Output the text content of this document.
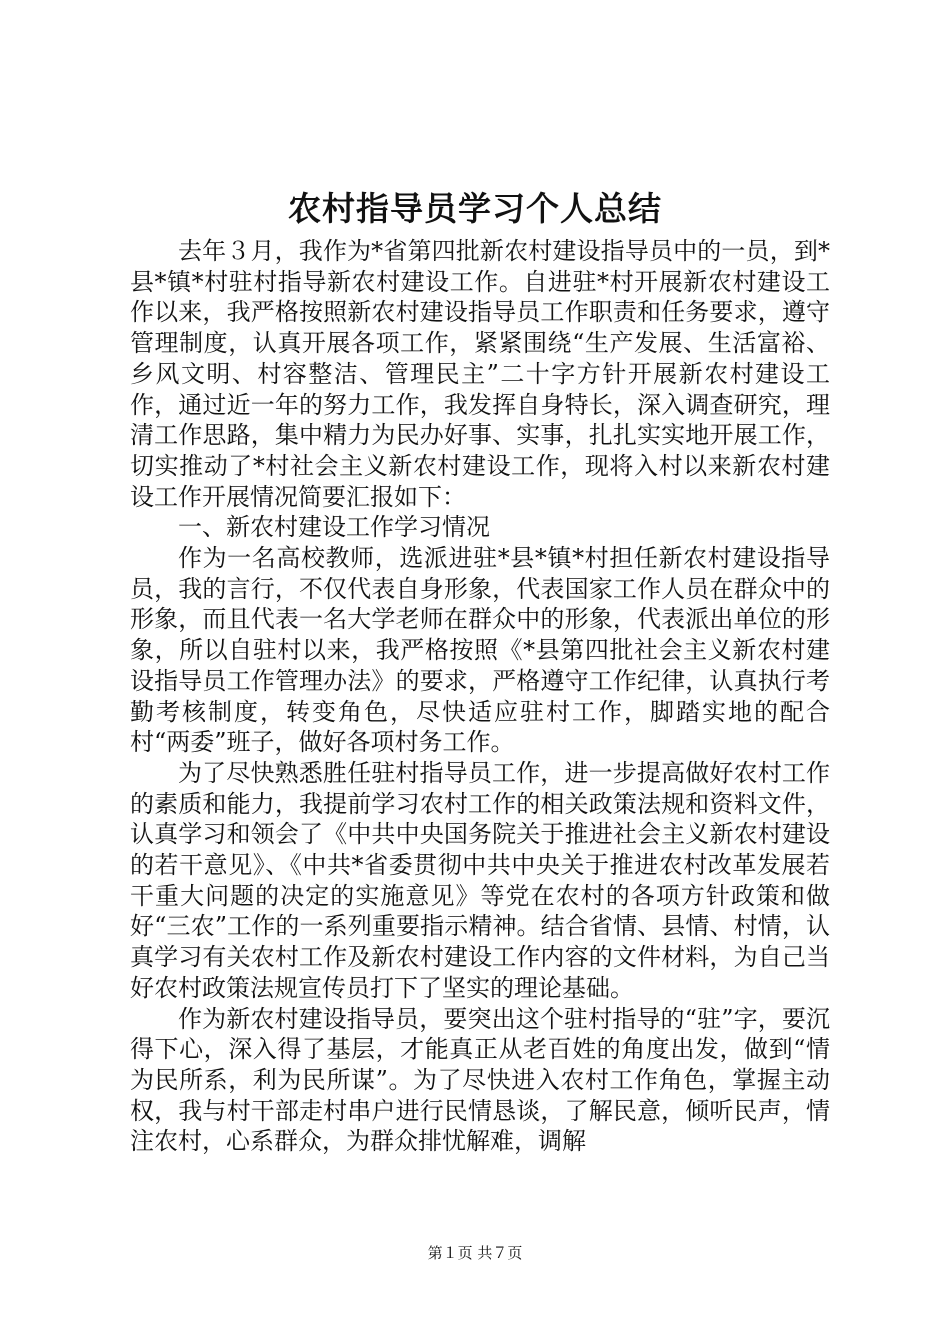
农村指导员学习个人总结

去年３月，我作为*省第四批新农村建设指导员中的一员，到*县*镇*村驻村指导新农村建设工作。自进驻*村开展新农村建设工作以来，我严格按照新农村建设指导员工作职责和任务要求，遵守管理制度，认真开展各项工作，紧紧围绕“生产发展、生活富裕、乡风文明、村容整洁、管理民主”二十字方针开展新农村建设工作，通过近一年的努力工作，我发挥自身特长，深入调查研究，理清工作思路，集中精力为民办好事、实事，扎扎实实地开展工作，切实推动了*村社会主义新农村建设工作，现将入村以来新农村建设工作开展情况简要汇报如下：

一、新农村建设工作学习情况

作为一名高校教师，选派进驻*县*镇*村担任新农村建设指导员，我的言行，不仅代表自身形象，代表国家工作人员在群众中的形象，而且代表一名大学老师在群众中的形象，代表派出单位的形象，所以自驻村以来，我严格按照《*县第四批社会主义新农村建设指导员工作管理办法》的要求，严格遵守工作纪律，认真执行考勤考核制度，转变角色，尽快适应驻村工作，脚踏实地的配合村“两委”班子，做好各项村务工作。

为了尽快熟悉胜任驻村指导员工作，进一步提高做好农村工作的素质和能力，我提前学习农村工作的相关政策法规和资料文件，认真学习和领会了《中共中央国务院关于推进社会主义新农村建设的若干意见》、《中共*省委贯彻中共中央关于推进农村改革发展若干重大问题的决定的实施意见》等党在农村的各项方针政策和做好“三农”工作的一系列重要指示精神。结合省情、县情、村情，认真学习有关农村工作及新农村建设工作内容的文件材料，为自己当好农村政策法规宣传员打下了坚实的理论基础。

作为新农村建设指导员，要突出这个驻村指导的“驻”字，要沉得下心，深入得了基层，才能真正从老百姓的角度出发，做到“情为民所系，利为民所谋”。为了尽快进入农村工作角色，掌握主动权，我与村干部走村串户进行民情恳谈，了解民意，倾听民声，情注农村，心系群众，为群众排忧解难，调解

第１页 共７页
